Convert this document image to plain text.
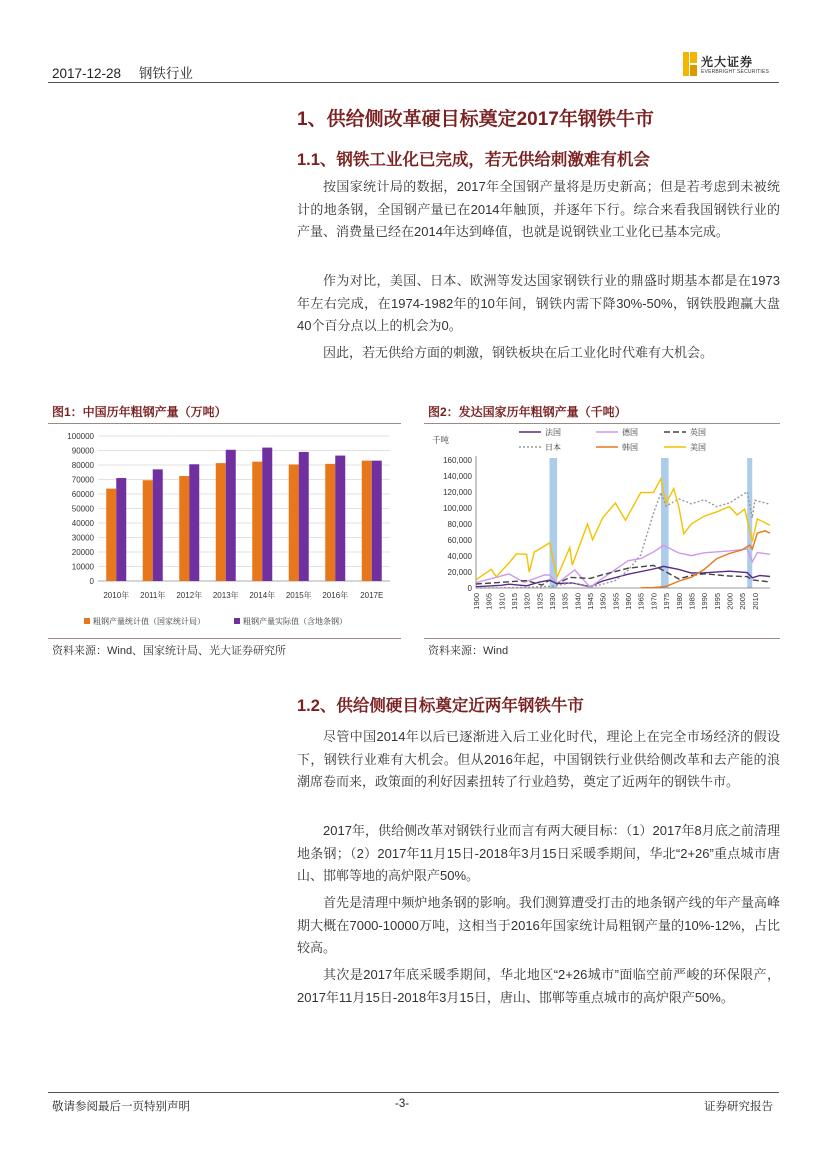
2017-12-28 钢铁行业
光大证券
EVERBRIGHT SECURITIES
1、供给侧改革硬目标奠定2017年钢铁牛市
1.1、钢铁工业化已完成，若无供给刺激难有机会
按国家统计局的数据，2017年全国钢产量将是历史新高；但是若考虑到未被统计的地条钢，全国钢产量已在2014年触顶，并逐年下行。综合来看我国钢铁行业的产量、消费量已经在2014年达到峰值，也就是说钢铁业工业化已基本完成。
作为对比，美国、日本、欧洲等发达国家钢铁行业的鼎盛时期基本都是在1973年左右完成，在1974-1982年的10年间，钢铁内需下降30%-50%，钢铁股跑赢大盘40个百分点以上的机会为0。
因此，若无供给方面的刺激，钢铁板块在后工业化时代难有大机会。
图1：中国历年粗钢产量（万吨）
0
10000
20000
30000
40000
50000
60000
70000
80000
90000
100000
2010年 2011年 2012年 2013年 2014年 2015年 2016年 2017E
粗钢产量统计值（国家统计局）	粗钢产量实际值（含地条钢）
资料来源：Wind、国家统计局、光大证券研究所
图2：发达国家历年粗钢产量（千吨）
0
20,000
40,000
60,000
80,000
100,000
120,000
140,000
160,000
千吨
1900 1905 1910 1915 1920 1925 1930 1935 1940 1945 1950 1955 1960 1965 1970 1975 1980 1985 1990 1995 2000 2005 2010
法国	德国	英国
日本	韩国	美国
资料来源：Wind
1.2、供给侧硬目标奠定近两年钢铁牛市
尽管中国2014年以后已逐渐进入后工业化时代，理论上在完全市场经济的假设下，钢铁行业难有大机会。但从2016年起，中国钢铁行业供给侧改革和去产能的浪潮席卷而来，政策面的利好因素扭转了行业趋势，奠定了近两年的钢铁牛市。
2017年，供给侧改革对钢铁行业而言有两大硬目标：（1）2017年8月底之前清理地条钢；（2）2017年11月15日-2018年3月15日采暖季期间，华北“2+26”重点城市唐山、邯郸等地的高炉限产50%。
首先是清理中频炉地条钢的影响。我们测算遭受打击的地条钢产线的年产量高峰期大概在7000-10000万吨，这相当于2016年国家统计局粗钢产量的10%-12%，占比较高。
其次是2017年底采暖季期间，华北地区“2+26城市”面临空前严峻的环保限产，2017年11月15日-2018年3月15日，唐山、邯郸等重点城市的高炉限产50%。
敬请参阅最后一页特别声明	-3-	证券研究报告
